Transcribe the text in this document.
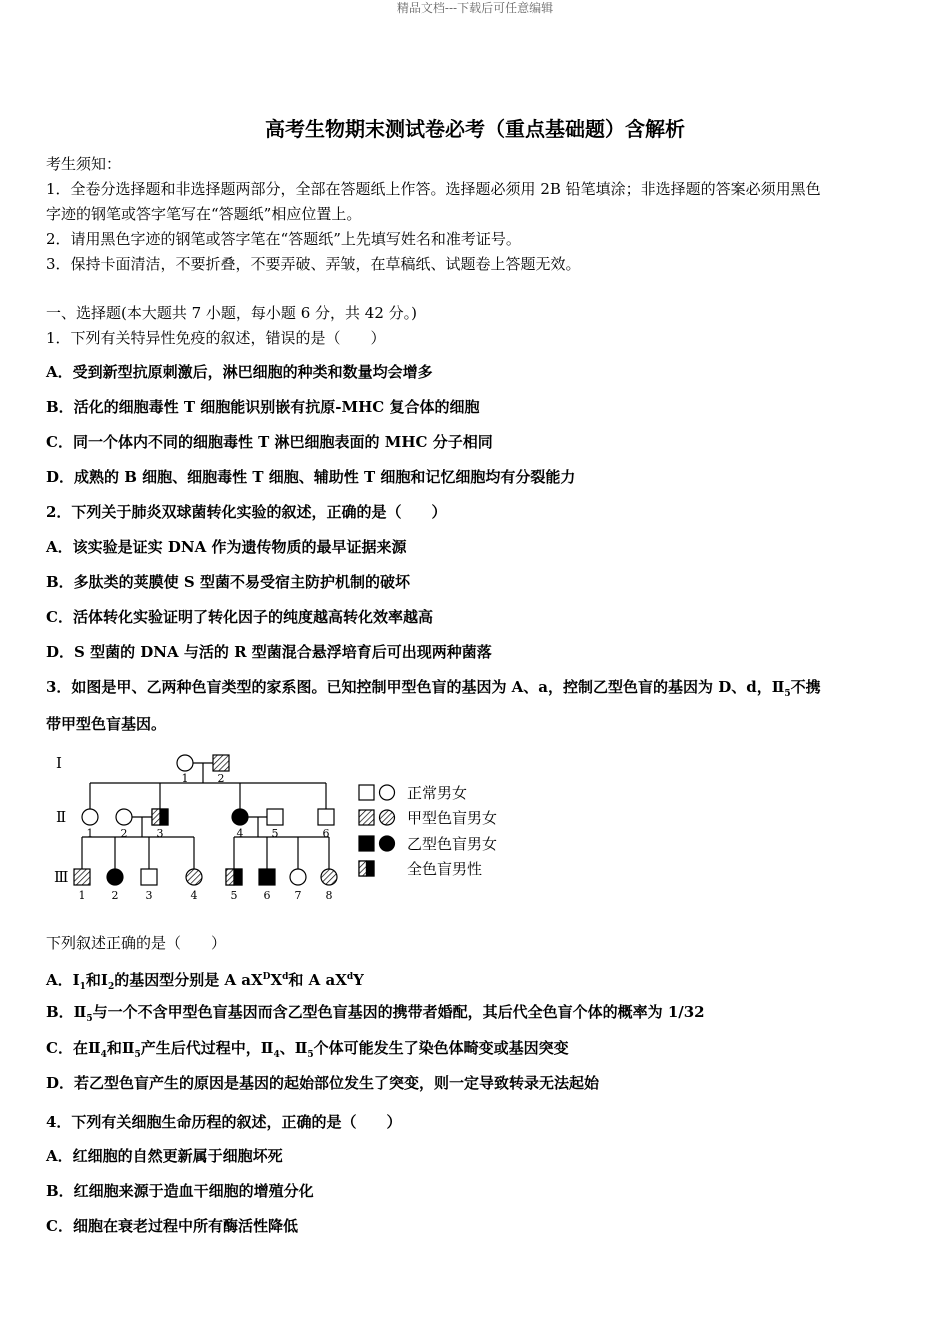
精品文档---下载后可任意编辑
高考生物期末测试卷必考（重点基础题）含解析
考生须知：
1．全卷分选择题和非选择题两部分，全部在答题纸上作答。选择题必须用 2B 铅笔填涂；非选择题的答案必须用黑色
字迹的钢笔或答字笔写在“答题纸”相应位置上。
2．请用黑色字迹的钢笔或答字笔在“答题纸”上先填写姓名和准考证号。
3．保持卡面清洁，不要折叠，不要弄破、弄皱，在草稿纸、试题卷上答题无效。
一、选择题(本大题共 7 小题，每小题 6 分，共 42 分。)
1．下列有关特异性免疫的叙述，错误的是（　　）
A．受到新型抗原刺激后，淋巴细胞的种类和数量均会增多
B．活化的细胞毒性 T 细胞能识别嵌有抗原-MHC 复合体的细胞
C．同一个体内不同的细胞毒性 T 淋巴细胞表面的 MHC 分子相同
D．成熟的 B 细胞、细胞毒性 T 细胞、辅助性 T 细胞和记忆细胞均有分裂能力
2．下列关于肺炎双球菌转化实验的叙述，正确的是（　　）
A．该实验是证实 DNA 作为遗传物质的最早证据来源
B．多肽类的荚膜使 S 型菌不易受宿主防护机制的破坏
C．活体转化实验证明了转化因子的纯度越高转化效率越高
D．S 型菌的 DNA 与活的 R 型菌混合悬浮培育后可出现两种菌落
3．如图是甲、乙两种色盲类型的家系图。已知控制甲型色盲的基因为 A、a，控制乙型色盲的基因为 D、d，$Ⅱ_5$不携
带甲型色盲基因。
Ⅰ
Ⅱ
Ⅲ
正常男女
甲型色盲男女
乙型色盲男女
全色盲男性
1	2
1 2	3	4	5	6
1 2 3	4	5 6 7 8
下列叙述正确的是（　　）
A．$Ⅰ_1$和$Ⅰ_2$的基因型分别是 A $aX^DX^d$和 A $aX^dY$
B．$Ⅱ_5$与一个不含甲型色盲基因而含乙型色盲基因的携带者婚配，其后代全色盲个体的概率为 1/32
C．在$Ⅱ_4$和$Ⅱ_5$产生后代过程中，$Ⅱ_4$、$Ⅱ_5$个体可能发生了染色体畸变或基因突变
D．若乙型色盲产生的原因是基因的起始部位发生了突变，则一定导致转录无法起始
4．下列有关细胞生命历程的叙述，正确的是（　　）
A．红细胞的自然更新属于细胞坏死
B．红细胞来源于造血干细胞的增殖分化
C．细胞在衰老过程中所有酶活性降低
